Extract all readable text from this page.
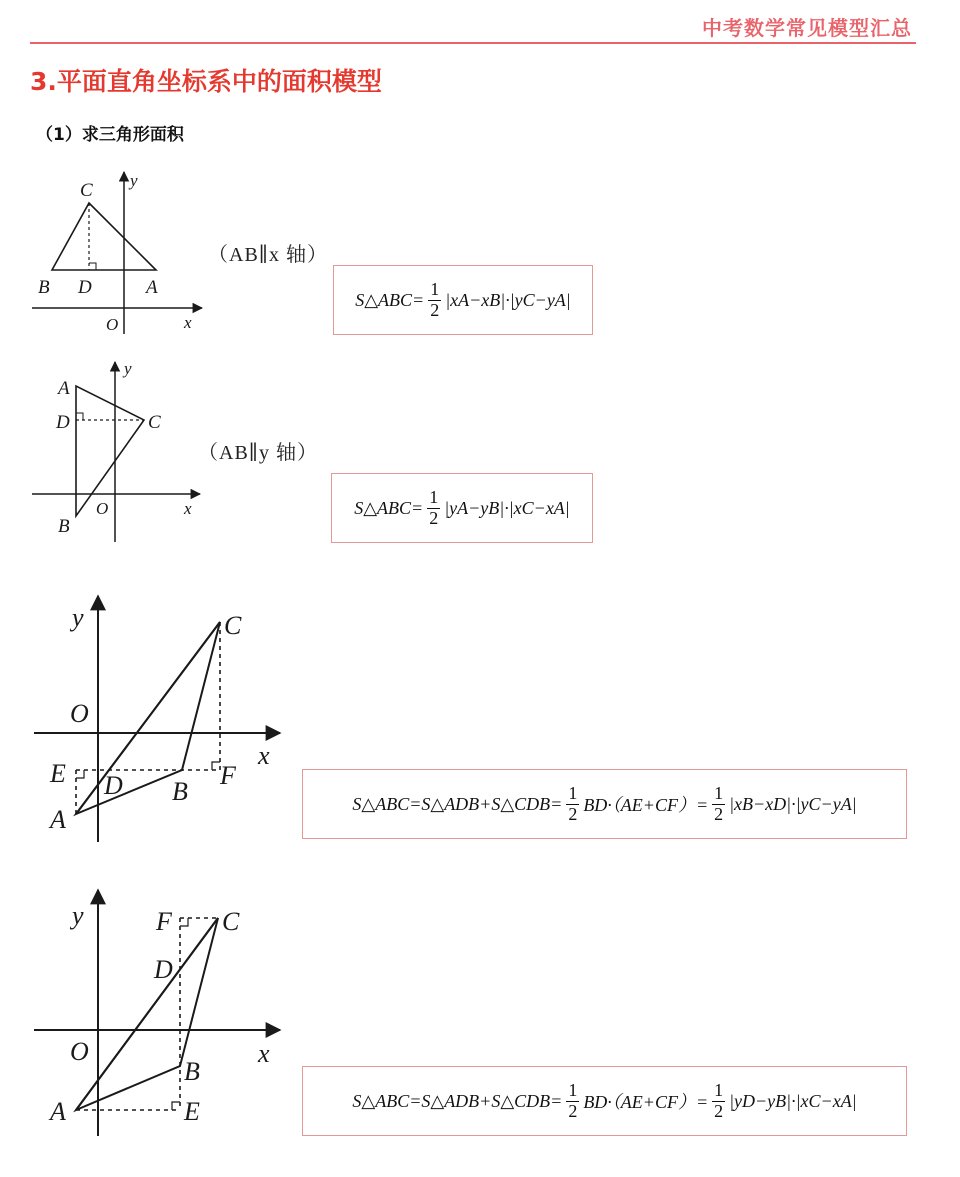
中考数学常见模型汇总
3.平面直角坐标系中的面积模型
（1）求三角形面积
C y
B D	A
O	x
（AB∥x 轴）
S△ABC= $\frac{1}{2} |xA-xB|\cdot|yC-yA|$
A
y
D	C
B
O	x
（AB∥y 轴）
S△ABC= $\frac{1}{2} |yA-yB|\cdot|xC-xA|$
y	C
O
x
E D B
F
A
S△ABC=S△ADB+S△CDB= $\frac{1}{2} BD\cdot(AE+CF)= \frac{1}{2} |xB-xD|\cdot|yC-yA|$
y	F C
D
O	x
B
A	E	S△ABC=S△ADB+S△CDB= $\frac{1}{2} BD\cdot(AE+CF)= \frac{1}{2} |yD-yB|\cdot|xC-xA|$
